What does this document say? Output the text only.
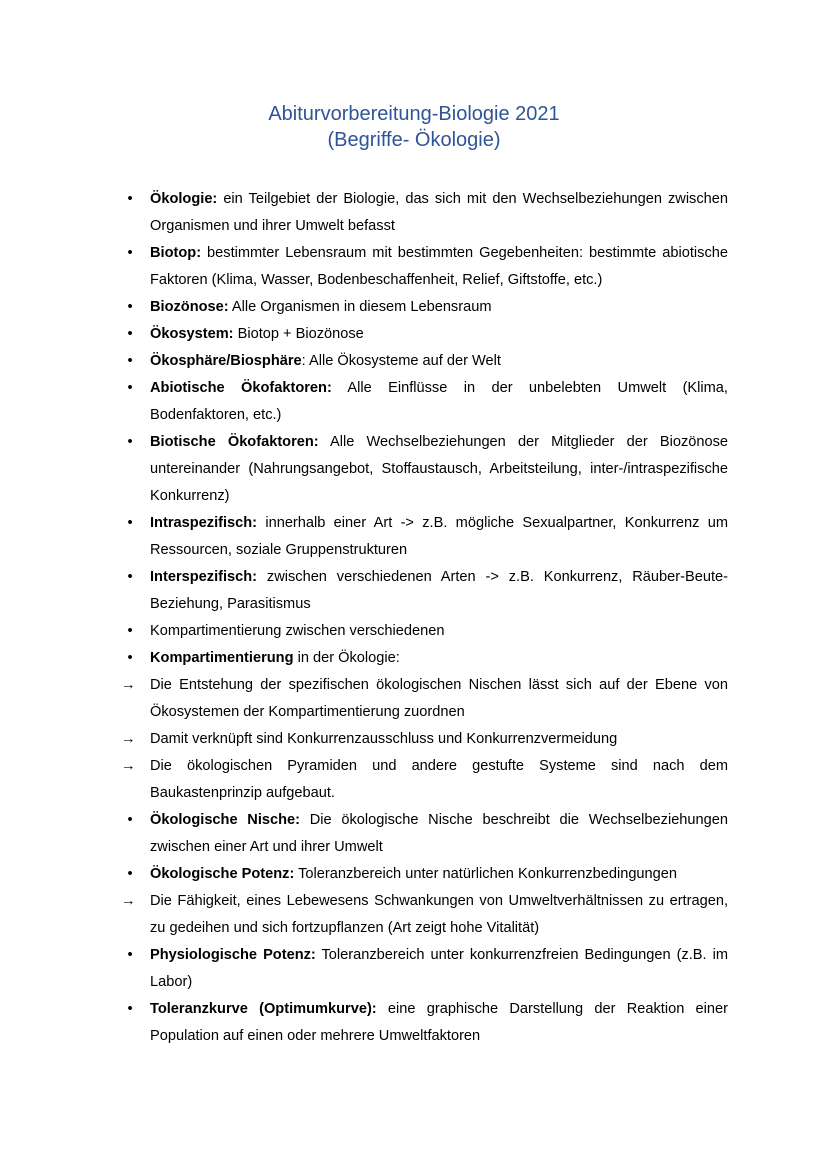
Abiturvorbereitung-Biologie 2021
(Begriffe- Ökologie)
•	Ökologie: ein Teilgebiet der Biologie, das sich mit den Wechselbeziehungen zwischen Organismen und ihrer Umwelt befasst
•	Biotop: bestimmter Lebensraum mit bestimmten Gegebenheiten: bestimmte abiotische Faktoren (Klima, Wasser, Bodenbeschaffenheit, Relief, Giftstoffe, etc.)
•	Biozönose: Alle Organismen in diesem Lebensraum
•	Ökosystem: Biotop + Biozönose
•	Ökosphäre/Biosphäre: Alle Ökosysteme auf der Welt
•	Abiotische Ökofaktoren: Alle Einflüsse in der unbelebten Umwelt (Klima, Bodenfaktoren, etc.)
•	Biotische Ökofaktoren: Alle Wechselbeziehungen der Mitglieder der Biozönose untereinander (Nahrungsangebot, Stoffaustausch, Arbeitsteilung, inter-/intraspezifische Konkurrenz)
•	Intraspezifisch: innerhalb einer Art -> z.B. mögliche Sexualpartner, Konkurrenz um Ressourcen, soziale Gruppenstrukturen
•	Interspezifisch: zwischen verschiedenen Arten -> z.B. Konkurrenz, Räuber-Beute-Beziehung, Parasitismus
•	Kompartimentierung zwischen verschiedenen
•	Kompartimentierung in der Ökologie:
→ Die Entstehung der spezifischen ökologischen Nischen lässt sich auf der Ebene von Ökosystemen der Kompartimentierung zuordnen
→ Damit verknüpft sind Konkurrenzausschluss und Konkurrenzvermeidung
→ Die ökologischen Pyramiden und andere gestufte Systeme sind nach dem Baukastenprinzip aufgebaut.
•	Ökologische Nische: Die ökologische Nische beschreibt die Wechselbeziehungen zwischen einer Art und ihrer Umwelt
•	Ökologische Potenz: Toleranzbereich unter natürlichen Konkurrenzbedingungen
→ Die Fähigkeit, eines Lebewesens Schwankungen von Umweltverhältnissen zu ertragen, zu gedeihen und sich fortzupflanzen (Art zeigt hohe Vitalität)
•	Physiologische Potenz: Toleranzbereich unter konkurrenzfreien Bedingungen (z.B. im Labor)
•	Toleranzkurve (Optimumkurve): eine graphische Darstellung der Reaktion einer Population auf einen oder mehrere Umweltfaktoren
